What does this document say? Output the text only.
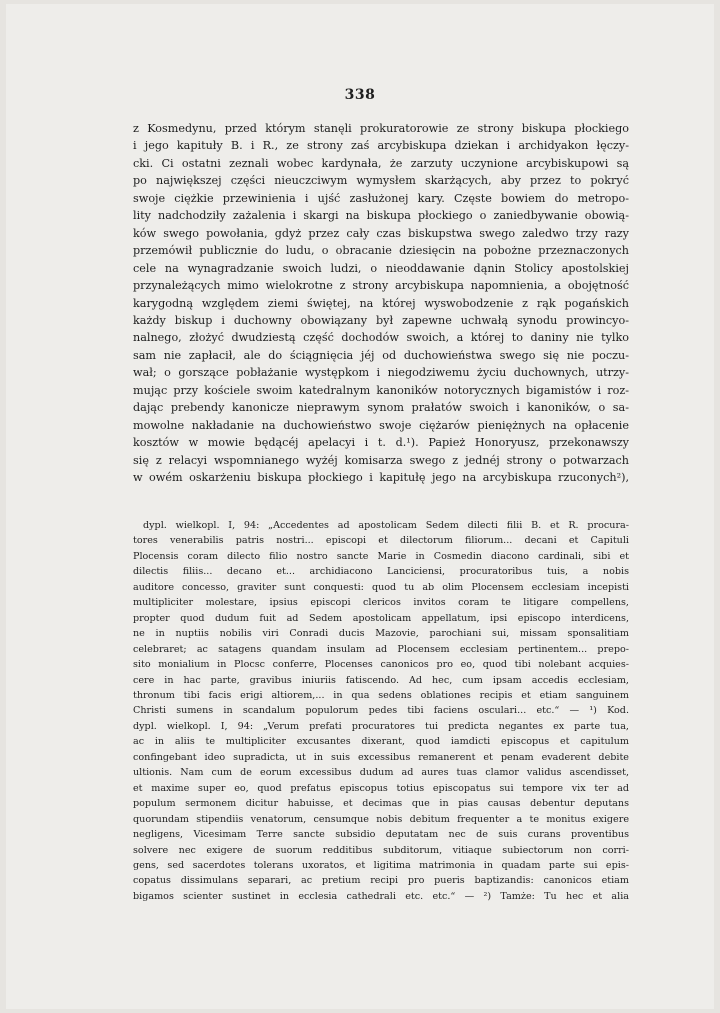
338
z Kosmedynu, przed którym stanęli prokuratorowie ze strony biskupa płockiego
i jego kapituły B. i R., ze strony zaś arcybiskupa dziekan i archidyakon łęczy-
cki. Ci ostatni zeznali wobec kardynała, że zarzuty uczynione arcybiskupowi są
po największej części nieuczciwym wymysłem skarżących, aby przez to pokryć
swoje ciężkie przewinienia i ujść zasłużonej kary. Częste bowiem do metropo-
lity nadchodziły zażalenia i skargi na biskupa płockiego o zaniedbywanie obowią-
ków swego powołania, gdyż przez cały czas biskupstwa swego zaledwo trzy razy
przemówił publicznie do ludu, o obracanie dziesięcin na pobożne przeznaczonych
cele na wynagradzanie swoich ludzi, o nieoddawanie dąnin Stolicy apostolskiej
przynależących mimo wielokrotne z strony arcybiskupa napomnienia, a obojętność
karygodną względem ziemi świętej, na której wyswobodzenie z rąk pogańskich
każdy biskup i duchowny obowiązany był zapewne uchwałą synodu prowincyo-
nalnego, złożyć dwudziestą część dochodów swoich, a której to daniny nie tylko
sam nie zapłacił, ale do ściągnięcia jéj od duchowieństwa swego się nie poczu-
wał; o gorszące pobłażanie występkom i niegodziwemu życiu duchownych, utrzy-
mując przy kościele swoim katedralnym kanoników notorycznych bigamistów i roz-
dając prebendy kanonicze nieprawym synom prałatów swoich i kanoników, o sa-
mowolne nakładanie na duchowieństwo swoje ciężarów pieniężnych na opłacenie
kosztów w mowie będącéj apelacyi i t. d.¹). Papież Honoryusz, przekonawszy
się z relacyi wspomnianego wyżéj komisarza swego z jednéj strony o potwarzach
w owém oskarżeniu biskupa płockiego i kapitułę jego na arcybiskupa rzuconych²),
dypl. wielkopl. I, 94: „Accedentes ad apostolicam Sedem dilecti filii B. et R. procura-
tores venerabilis patris nostri... episcopi et dilectorum filiorum... decani et Capituli
Plocensis coram dilecto filio nostro sancte Marie in Cosmedin diacono cardinali, sibi et
dilectis filiis... decano et... archidiacono Lanciciensi, procuratoribus tuis, a nobis
auditore concesso, graviter sunt conquesti: quod tu ab olim Plocensem ecclesiam incepisti
multipliciter molestare, ipsius episcopi clericos invitos coram te litigare compellens,
propter quod dudum fuit ad Sedem apostolicam appellatum, ipsi episcopo interdicens,
ne in nuptiis nobilis viri Conradi ducis Mazovie, parochiani sui, missam sponsalitiam
celebraret; ac satagens quandam insulam ad Plocensem ecclesiam pertinentem... prepo-
sito monialium in Plocsc conferre, Plocenses canonicos pro eo, quod tibi nolebant acquies-
cere in hac parte, gravibus iniuriis fatiscendo. Ad hec, cum ipsam accedis ecclesiam,
thronum tibi facis erigi altiorem,... in qua sedens oblationes recipis et etiam sanguinem
Christi sumens in scandalum populorum pedes tibi faciens osculari... etc.“ — ¹) Kod.
dypl. wielkopl. I, 94: „Verum prefati procuratores tui predicta negantes ex parte tua,
ac in aliis te multipliciter excusantes dixerant, quod iamdicti episcopus et capitulum
confingebant ideo supradicta, ut in suis excessibus remanerent et penam evaderent debite
ultionis. Nam cum de eorum excessibus dudum ad aures tuas clamor validus ascendisset,
et maxime super eo, quod prefatus episcopus totius episcopatus sui tempore vix ter ad
populum sermonem dicitur habuisse, et decimas que in pias causas debentur deputans
quorundam stipendiis venatorum, censumque nobis debitum frequenter a te monitus exigere
negligens, Vicesimam Terre sancte subsidio deputatam nec de suis curans proventibus
solvere nec exigere de suorum redditibus subditorum, vitiaque subiectorum non corri-
gens, sed sacerdotes tolerans uxoratos, et ligitima matrimonia in quadam parte sui epis-
copatus dissimulans separari, ac pretium recipi pro pueris baptizandis: canonicos etiam
bigamos scienter sustinet in ecclesia cathedrali etc. etc.“ — ²) Tamże: Tu hec et alia
